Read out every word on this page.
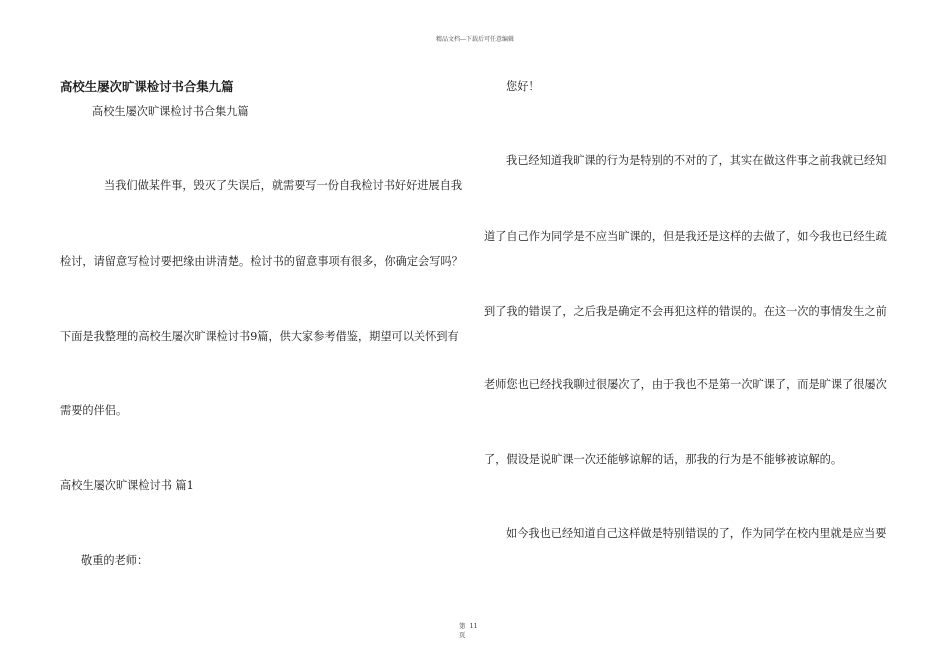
精品文档---下载后可任意编辑
高校生屡次旷课检讨书合集九篇
高校生屡次旷课检讨书合集九篇
当我们做某件事，毁灭了失误后，就需要写一份自我检讨书好好进展自我
检讨，请留意写检讨要把缘由讲清楚。检讨书的留意事项有很多，你确定会写吗？
下面是我整理的高校生屡次旷课检讨书9篇，供大家参考借鉴，期望可以关怀到有
需要的伴侣。
高校生屡次旷课检讨书 篇1
敬重的老师：
您好！
我已经知道我旷课的行为是特别的不对的了，其实在做这件事之前我就已经知
道了自己作为同学是不应当旷课的，但是我还是这样的去做了，如今我也已经生疏
到了我的错误了，之后我是确定不会再犯这样的错误的。在这一次的事情发生之前
老师您也已经找我聊过很屡次了，由于我也不是第一次旷课了，而是旷课了很屡次
了，假设是说旷课一次还能够谅解的话，那我的行为是不能够被谅解的。
如今我也已经知道自己这样做是特别错误的了，作为同学在校内里就是应当要
第 11
页
